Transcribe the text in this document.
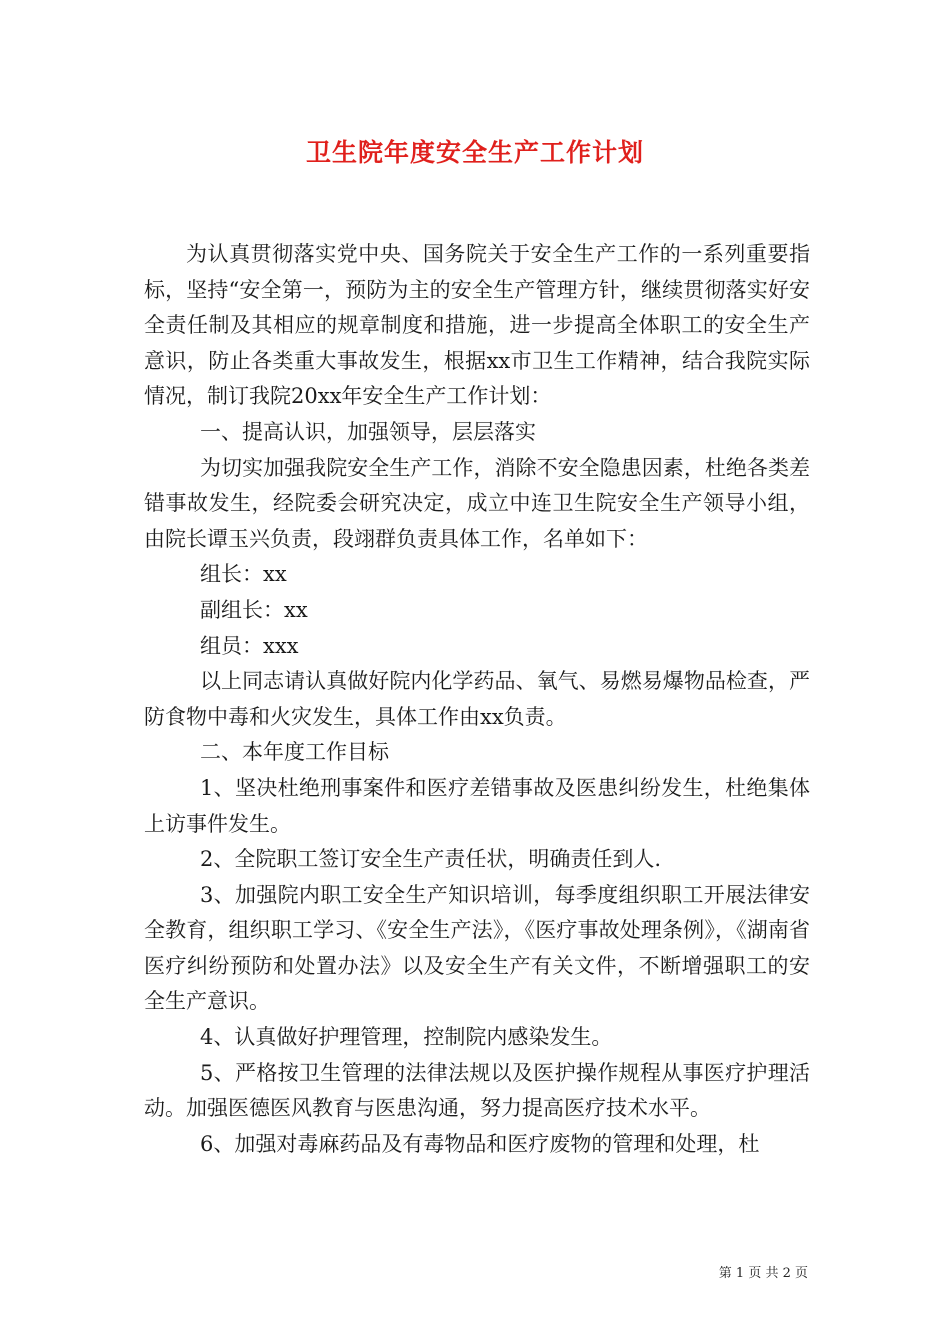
卫生院年度安全生产工作计划

为认真贯彻落实党中央、国务院关于安全生产工作的一系列重要指标，坚持“安全第一，预防为主的安全生产管理方针，继续贯彻落实好安全责任制及其相应的规章制度和措施，进一步提高全体职工的安全生产意识，防止各类重大事故发生，根据xx市卫生工作精神，结合我院实际情况，制订我院20xx年安全生产工作计划：

一、提高认识，加强领导，层层落实

为切实加强我院安全生产工作，消除不安全隐患因素，杜绝各类差错事故发生，经院委会研究决定，成立中连卫生院安全生产领导小组，由院长谭玉兴负责，段翊群负责具体工作，名单如下：

组长：xx

副组长：xx

组员：xxx

以上同志请认真做好院内化学药品、氧气、易燃易爆物品检查，严防食物中毒和火灾发生，具体工作由xx负责。

二、本年度工作目标

1、坚决杜绝刑事案件和医疗差错事故及医患纠纷发生，杜绝集体上访事件发生。

2、全院职工签订安全生产责任状，明确责任到人.

3、加强院内职工安全生产知识培训，每季度组织职工开展法律安全教育，组织职工学习、《安全生产法》，《医疗事故处理条例》，《湖南省医疗纠纷预防和处置办法》以及安全生产有关文件，不断增强职工的安全生产意识。

4、认真做好护理管理，控制院内感染发生。

5、严格按卫生管理的法律法规以及医护操作规程从事医疗护理活动。加强医德医风教育与医患沟通，努力提高医疗技术水平。

6、加强对毒麻药品及有毒物品和医疗废物的管理和处理，杜

第 1 页 共 2 页
